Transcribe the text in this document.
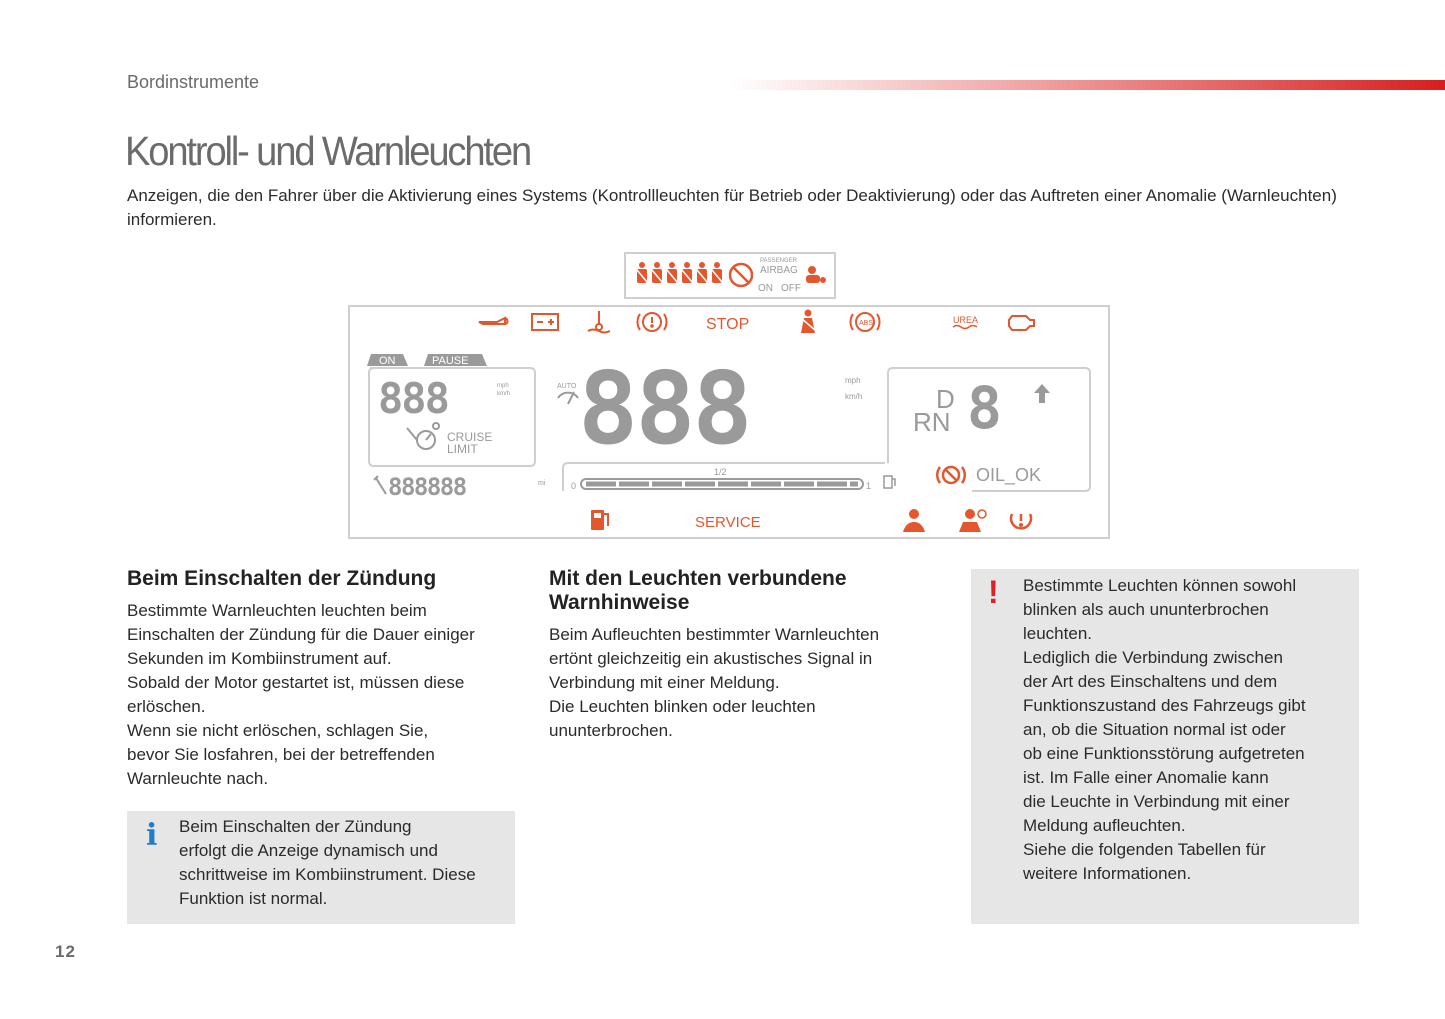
Bordinstrumente
Kontroll- und Warnleuchten
Anzeigen, die den Fahrer über die Aktivierung eines Systems (Kontrollleuchten für Betrieb oder Deaktivierung) oder das Auftreten einer Anomalie (Warnleuchten) informieren.
PASSENGER
AIRBAG
ON OFF
STOP	ABS	UREA
ON	PAUSE
888	mph
km/h
CRUISE
LIMIT
888888	mi
AUTO 888	mph
km/h
0
1/2
1
D
RN 8
OIL_OK
SERVICE
Beim Einschalten der Zündung
Bestimmte Warnleuchten leuchten beim
Einschalten der Zündung für die Dauer einiger
Sekunden im Kombiinstrument auf.
Sobald der Motor gestartet ist, müssen diese
erlöschen.
Wenn sie nicht erlöschen, schlagen Sie,
bevor Sie losfahren, bei der betreffenden
Warnleuchte nach.
i Beim Einschalten der Zündung
erfolgt die Anzeige dynamisch und
schrittweise im Kombiinstrument. Diese
Funktion ist normal.
Mit den Leuchten verbundene
Warnhinweise
Beim Aufleuchten bestimmter Warnleuchten
ertönt gleichzeitig ein akustisches Signal in
Verbindung mit einer Meldung.
Die Leuchten blinken oder leuchten
ununterbrochen.
! Bestimmte Leuchten können sowohl
blinken als auch ununterbrochen
leuchten.
Lediglich die Verbindung zwischen
der Art des Einschaltens und dem
Funktionszustand des Fahrzeugs gibt
an, ob die Situation normal ist oder
ob eine Funktionsstörung aufgetreten
ist. Im Falle einer Anomalie kann
die Leuchte in Verbindung mit einer
Meldung aufleuchten.
Siehe die folgenden Tabellen für
weitere Informationen.
12
